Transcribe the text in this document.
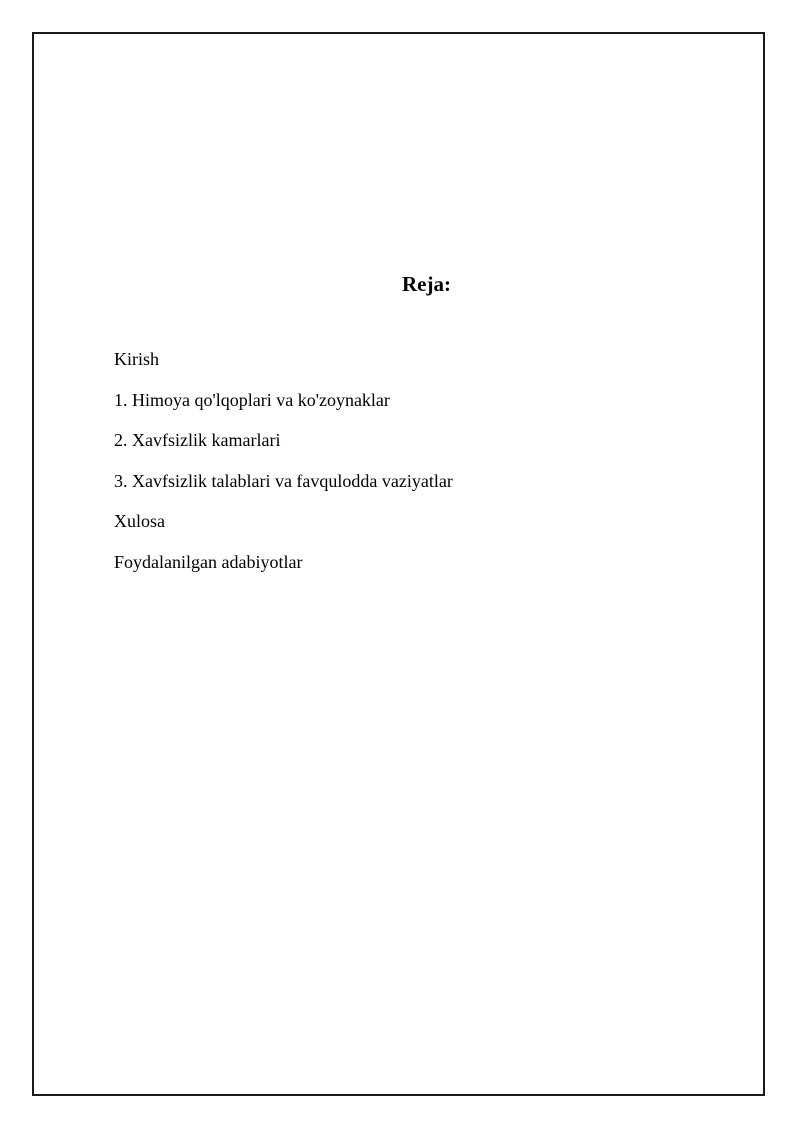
Reja:
Kirish
1. Himoya qo'lqoplari va ko'zoynaklar
2. Xavfsizlik kamarlari
3. Xavfsizlik talablari va favqulodda vaziyatlar
Xulosa
Foydalanilgan adabiyotlar
